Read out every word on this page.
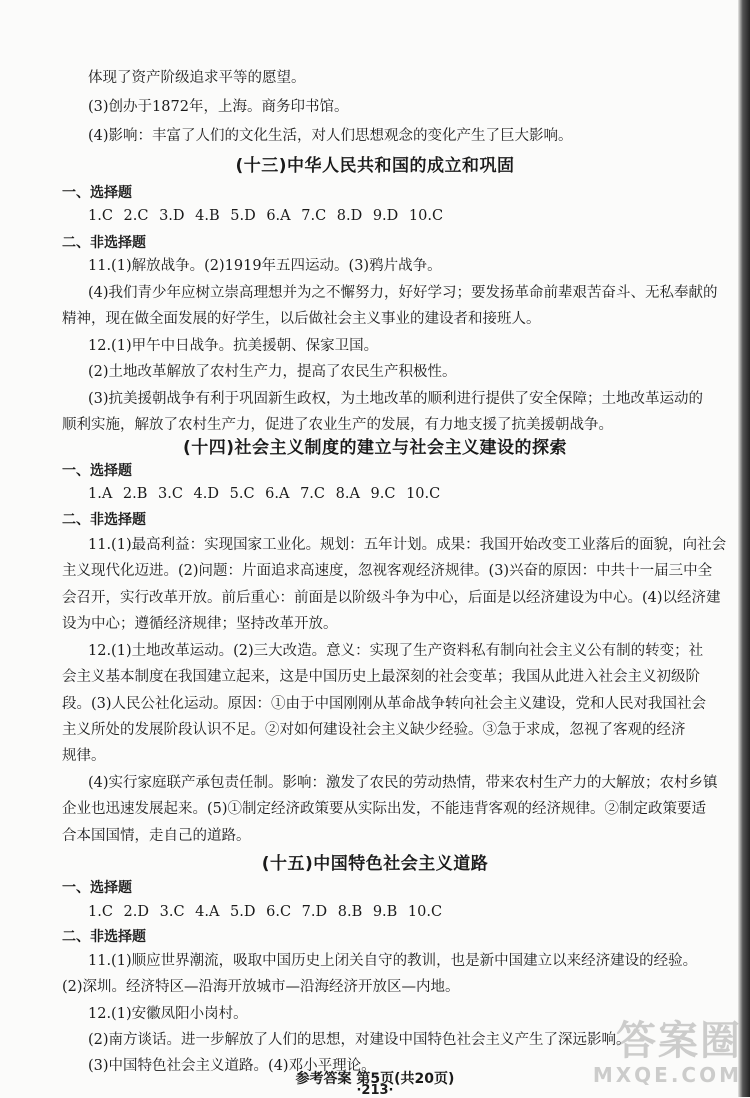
体现了资产阶级追求平等的愿望。
(3)创办于1872年，上海。商务印书馆。
(4)影响：丰富了人们的文化生活，对人们思想观念的变化产生了巨大影响。
(十三)中华人民共和国的成立和巩固
一、选择题
1.C 2.C 3.D 4.B 5.D 6.A 7.C 8.D 9.D 10.C
二、非选择题
11.(1)解放战争。(2)1919年五四运动。(3)鸦片战争。
(4)我们青少年应树立崇高理想并为之不懈努力，好好学习；要发扬革命前辈艰苦奋斗、无私奉献的
精神，现在做全面发展的好学生，以后做社会主义事业的建设者和接班人。
12.(1)甲午中日战争。抗美援朝、保家卫国。
(2)土地改革解放了农村生产力，提高了农民生产积极性。
(3)抗美援朝战争有利于巩固新生政权，为土地改革的顺利进行提供了安全保障；土地改革运动的
顺利实施，解放了农村生产力，促进了农业生产的发展，有力地支援了抗美援朝战争。
(十四)社会主义制度的建立与社会主义建设的探索
一、选择题
1.A 2.B 3.C 4.D 5.C 6.A 7.C 8.A 9.C 10.C
二、非选择题
11.(1)最高利益：实现国家工业化。规划：五年计划。成果：我国开始改变工业落后的面貌，向社会
主义现代化迈进。(2)问题：片面追求高速度，忽视客观经济规律。(3)兴奋的原因：中共十一届三中全
会召开，实行改革开放。前后重心：前面是以阶级斗争为中心，后面是以经济建设为中心。(4)以经济建
设为中心；遵循经济规律；坚持改革开放。
12.(1)土地改革运动。(2)三大改造。意义：实现了生产资料私有制向社会主义公有制的转变；社
会主义基本制度在我国建立起来，这是中国历史上最深刻的社会变革；我国从此进入社会主义初级阶
段。(3)人民公社化运动。原因：①由于中国刚刚从革命战争转向社会主义建设，党和人民对我国社会
主义所处的发展阶段认识不足。②对如何建设社会主义缺少经验。③急于求成，忽视了客观的经济
规律。
(4)实行家庭联产承包责任制。影响：激发了农民的劳动热情，带来农村生产力的大解放；农村乡镇
企业也迅速发展起来。(5)①制定经济政策要从实际出发，不能违背客观的经济规律。②制定政策要适
合本国国情，走自己的道路。
(十五)中国特色社会主义道路
一、选择题
1.C 2.D 3.C 4.A 5.D 6.C 7.D 8.B 9.B 10.C
二、非选择题
11.(1)顺应世界潮流，吸取中国历史上闭关自守的教训，也是新中国建立以来经济建设的经验。
(2)深圳。经济特区—沿海开放城市—沿海经济开放区—内地。
12.(1)安徽凤阳小岗村。
(2)南方谈话。进一步解放了人们的思想，对建设中国特色社会主义产生了深远影响。
(3)中国特色社会主义道路。(4)邓小平理论。
参考答案 第5页(共20页)
·213·
答案圈
MXQE.COM
